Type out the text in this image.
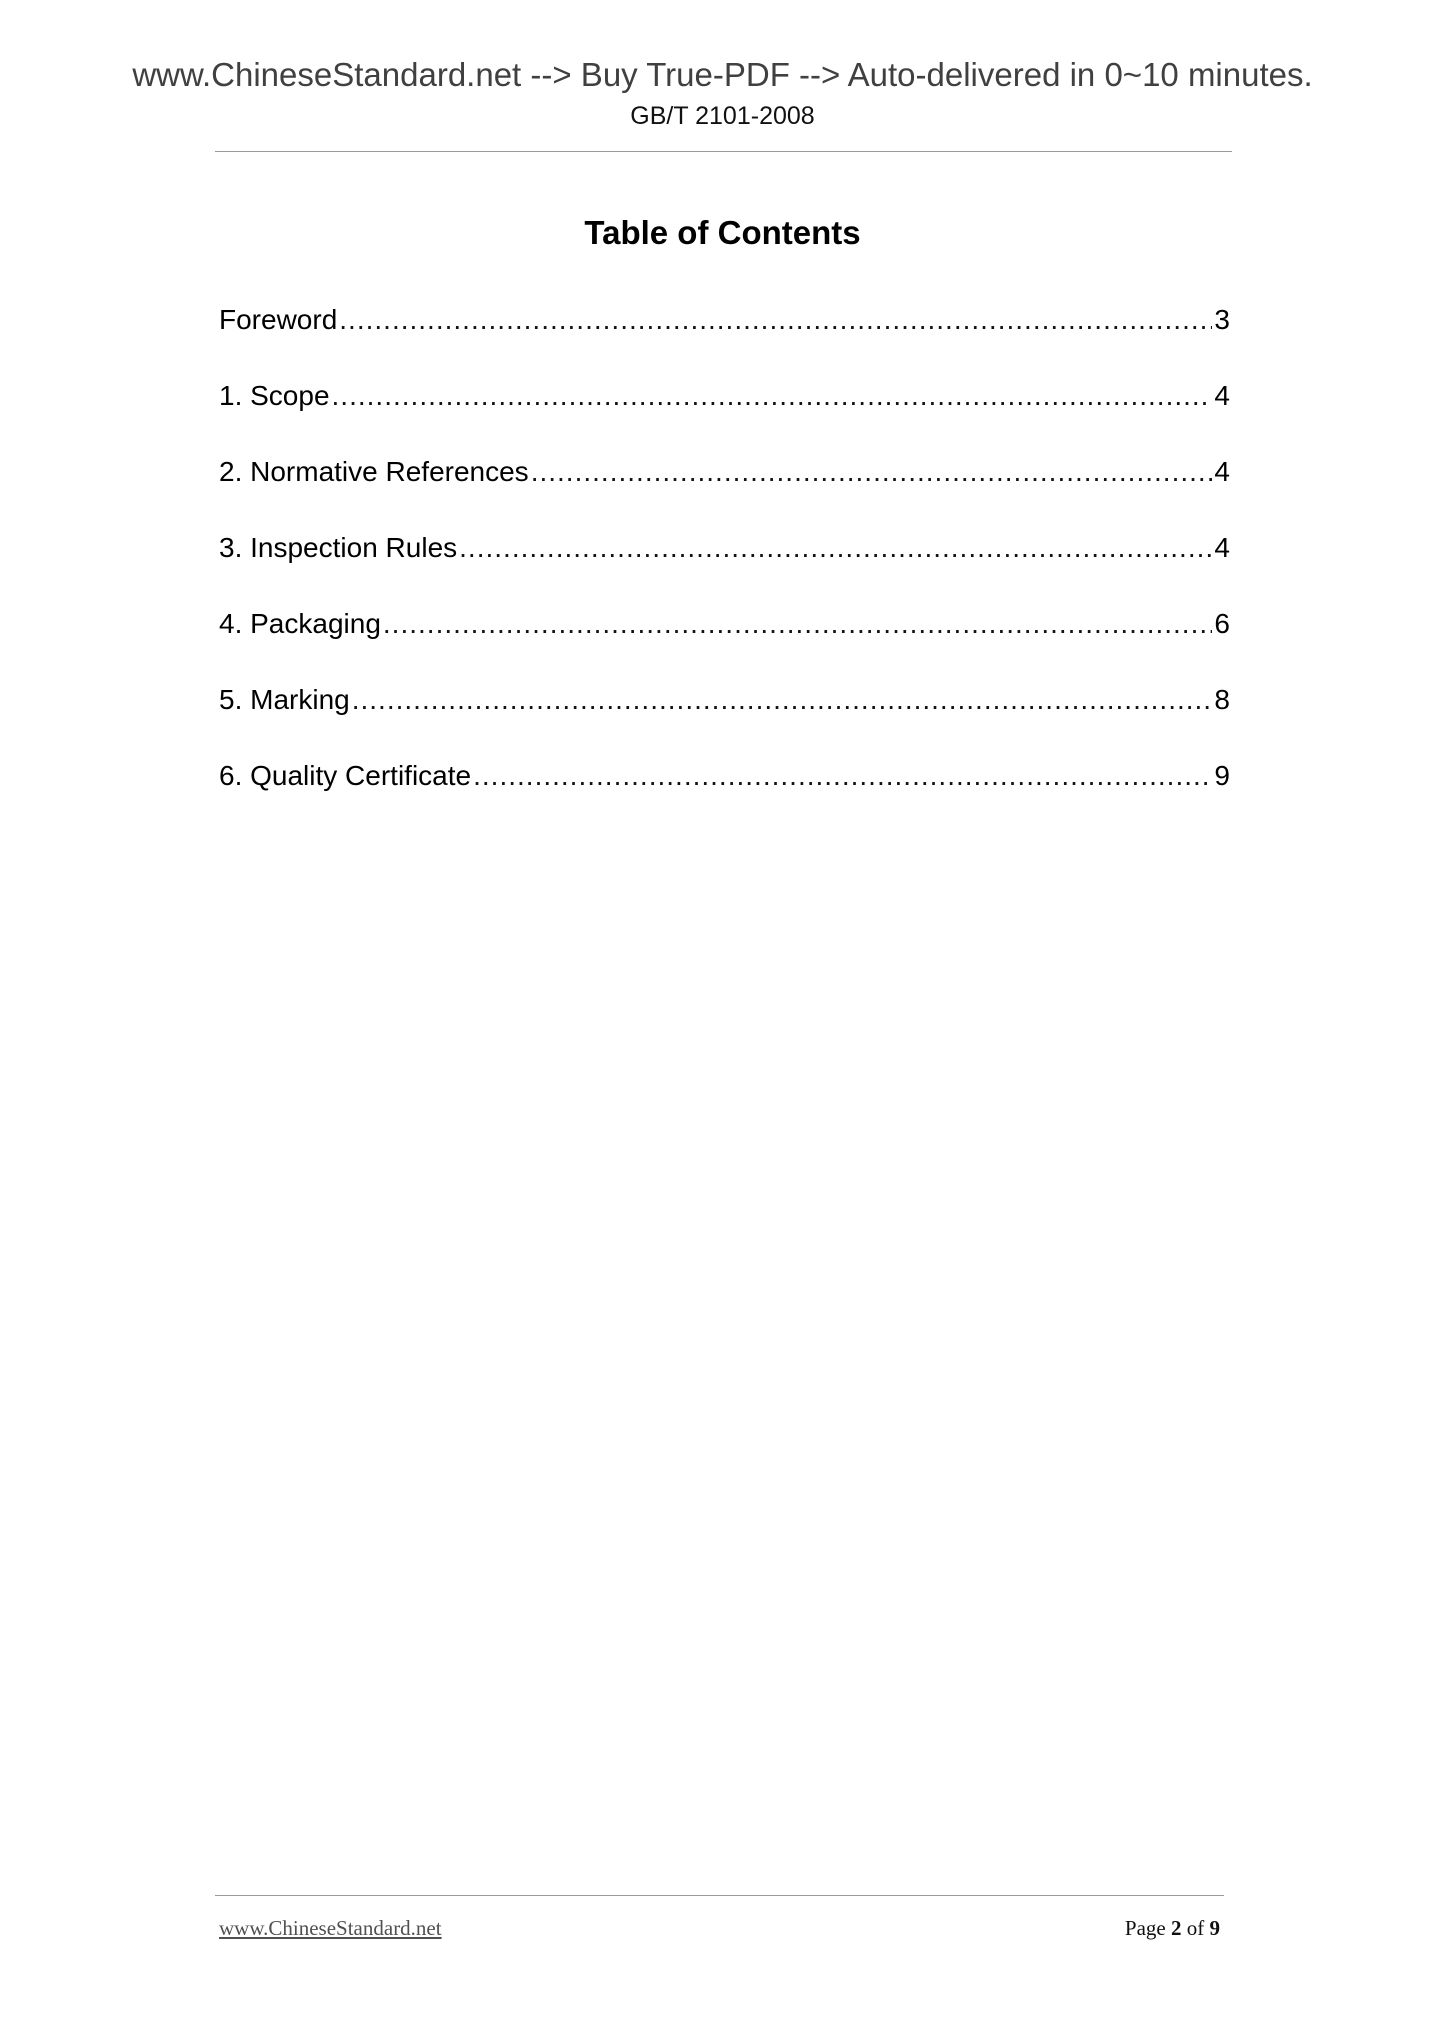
www.ChineseStandard.net --> Buy True-PDF --> Auto-delivered in 0~10 minutes.
GB/T 2101-2008
Table of Contents
Foreword .....	3
1. Scope .....	4
2. Normative References .....	4
3. Inspection Rules .....	4
4. Packaging .....	6
5. Marking .....	8
6. Quality Certificate .....	9
www.ChineseStandard.net	Page 2 of 9
